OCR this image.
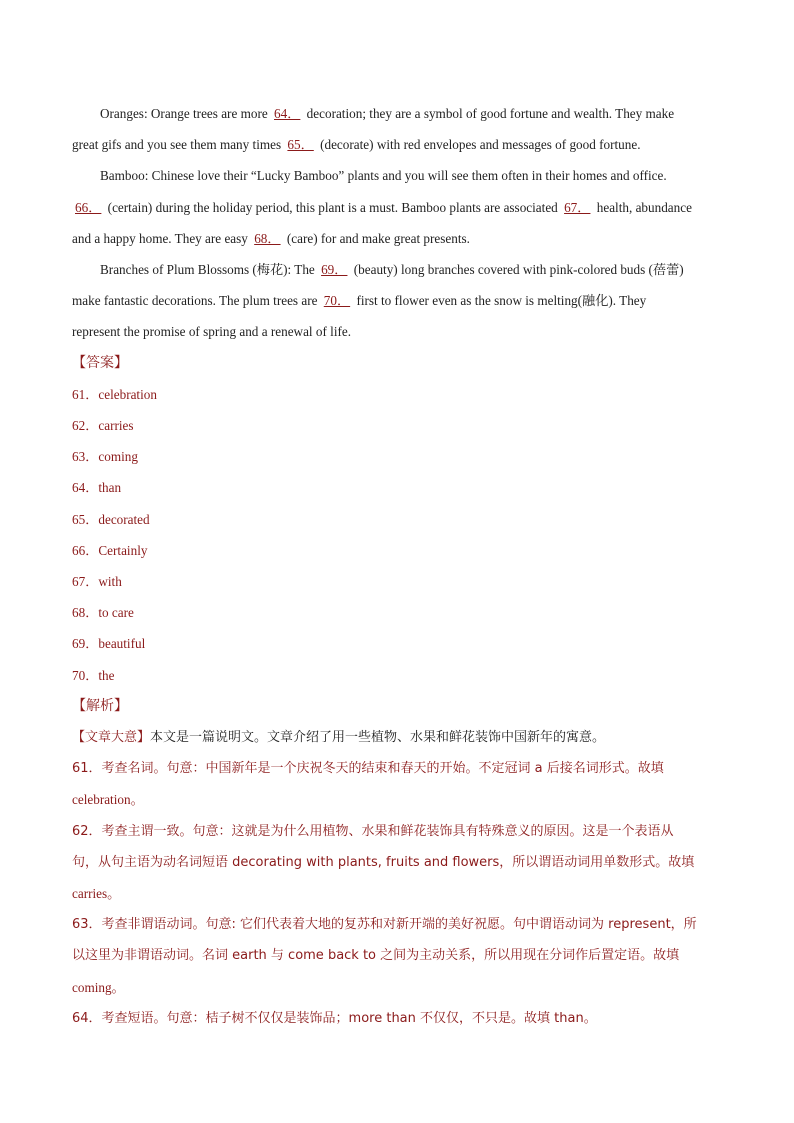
Oranges: Orange trees are more 64． decoration; they are a symbol of good fortune and wealth. They make
great gifs and you see them many times 65． (decorate) with red envelopes and messages of good fortune.
Bamboo: Chinese love their “Lucky Bamboo” plants and you will see them often in their homes and office.
66． (certain) during the holiday period, this plant is a must. Bamboo plants are associated 67． health, abundance
and a happy home. They are easy 68． (care) for and make great presents.
Branches of Plum Blossoms (梅花): The 69． (beauty) long branches covered with pink-colored buds (蓓蕾)
make fantastic decorations. The plum trees are 70． first to flower even as the snow is melting(融化). They
represent the promise of spring and a renewal of life.
【答案】
61．celebration
62．carries
63．coming
64．than
65．decorated
66．Certainly
67．with
68．to care
69．beautiful
70．the
【解析】
【文章大意】本文是一篇说明文。文章介绍了用一些植物、水果和鲜花装饰中国新年的寓意。
61．考查名词。句意：中国新年是一个庆祝冬天的结束和春天的开始。不定冠词 a 后接名词形式。故填
celebration。
62．考查主谓一致。句意：这就是为什么用植物、水果和鲜花装饰具有特殊意义的原因。这是一个表语从
句，从句主语为动名词短语 decorating with plants, fruits and flowers，所以谓语动词用单数形式。故填
carries。
63．考查非谓语动词。句意: 它们代表着大地的复苏和对新开端的美好祝愿。句中谓语动词为 represent，所
以这里为非谓语动词。名词 earth 与 come back to 之间为主动关系，所以用现在分词作后置定语。故填
coming。
64．考查短语。句意：桔子树不仅仅是装饰品；more than 不仅仅，不只是。故填 than。
